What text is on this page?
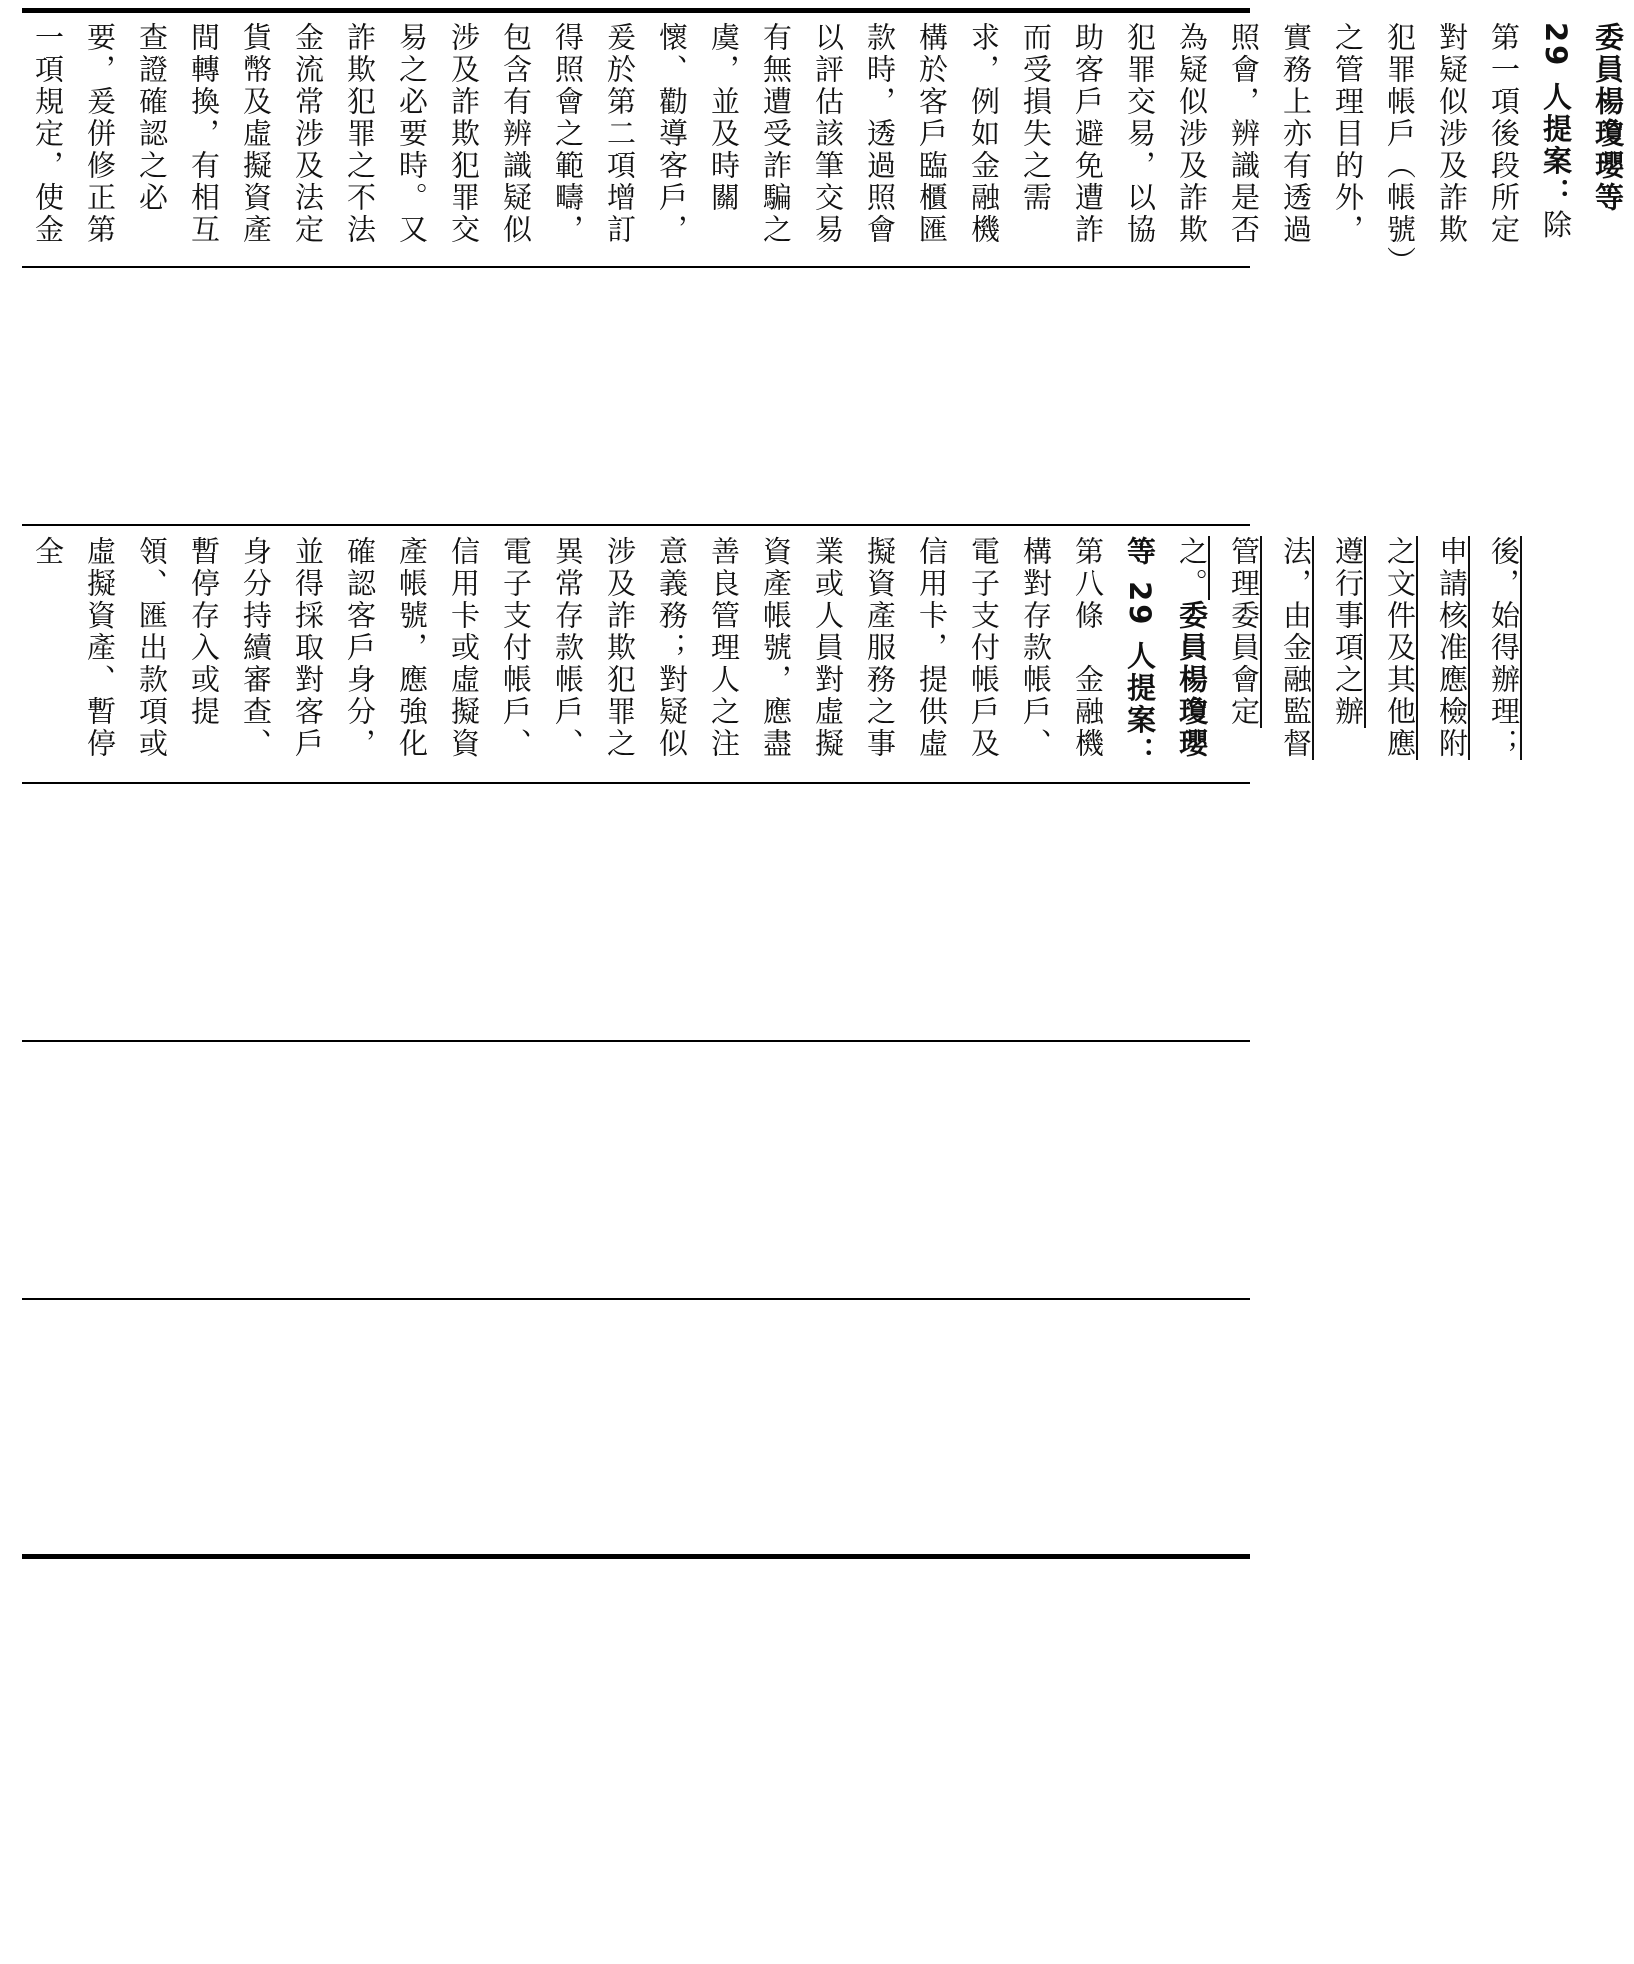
委員楊瓊瓔等 29 人提案：除第一項後段所定對疑似涉及詐欺犯罪帳戶（帳號）之管理目的外，實務上亦有透過照會，辨識是否為疑似涉及詐欺犯罪交易，以協助客戶避免遭詐而受損失之需求，例如金融機構於客戶臨櫃匯款時，透過照會以評估該筆交易有無遭受詐騙之虞，並及時關懷、勸導客戶，爰於第二項增訂得照會之範疇，包含有辨識疑似涉及詐欺犯罪交易之必要時。又詐欺犯罪之不法金流常涉及法定貨幣及虛擬資產間轉換，有相互查證確認之必要，爰併修正第一項規定，使金
後，始得辦理；申請核准應檢附之文件及其他應遵行事項之辦法，由金融監督管理委員會定之。委員楊瓊瓔等 29 人提案：第八條　金融機構對存款帳戶、電子支付帳戶及信用卡，提供虛擬資產服務之事業或人員對虛擬資產帳號，應盡善良管理人之注意義務；對疑似涉及詐欺犯罪之異常存款帳戶、電子支付帳戶、信用卡或虛擬資產帳號，應強化確認客戶身分，並得採取對客戶身分持續審查、暫停存入或提領、匯出款項或虛擬資產、暫停全
